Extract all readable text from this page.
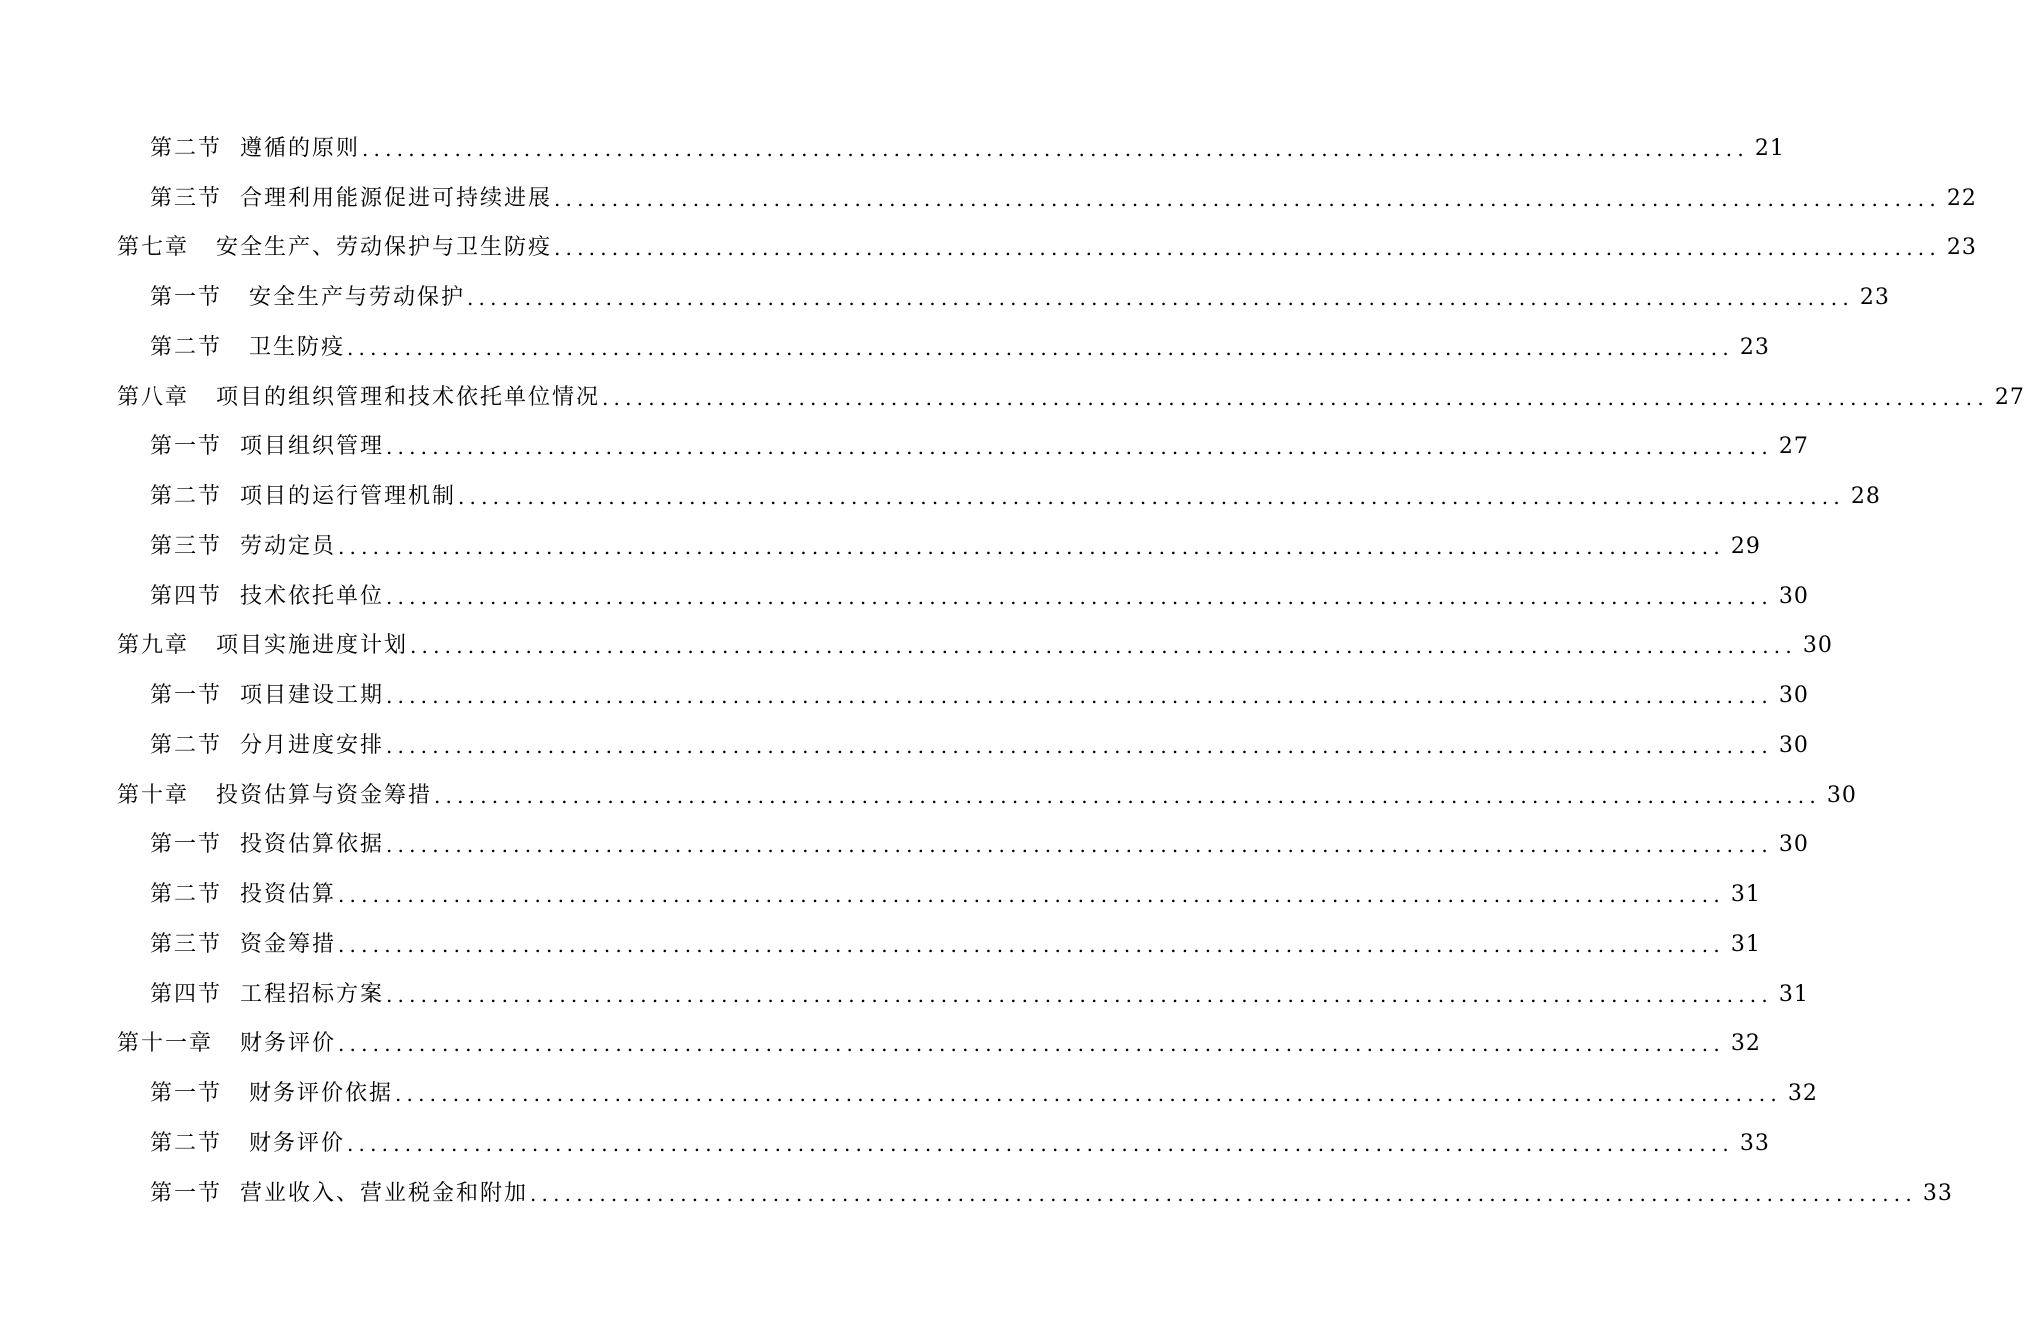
第二节  遵循的原则 ........................................................................................................................ 21
第三节  合理利用能源促进可持续进展 ........................................................................................................................ 22
第七章   安全生产、劳动保护与卫生防疫 ........................................................................................................................ 23
第一节   安全生产与劳动保护 ........................................................................................................................ 23
第二节   卫生防疫 ........................................................................................................................ 23
第八章   项目的组织管理和技术依托单位情况 ........................................................................................................................ 27
第一节  项目组织管理 ........................................................................................................................ 27
第二节  项目的运行管理机制 ........................................................................................................................ 28
第三节  劳动定员 ........................................................................................................................ 29
第四节  技术依托单位 ........................................................................................................................ 30
第九章   项目实施进度计划 ........................................................................................................................ 30
第一节  项目建设工期 ........................................................................................................................ 30
第二节  分月进度安排 ........................................................................................................................ 30
第十章   投资估算与资金筹措 ........................................................................................................................ 30
第一节  投资估算依据 ........................................................................................................................ 30
第二节  投资估算 ........................................................................................................................ 31
第三节  资金筹措 ........................................................................................................................ 31
第四节  工程招标方案 ........................................................................................................................ 31
第十一章   财务评价 ........................................................................................................................ 32
第一节   财务评价依据 ........................................................................................................................ 32
第二节   财务评价 ........................................................................................................................ 33
第一节  营业收入、营业税金和附加 ........................................................................................................................ 33
